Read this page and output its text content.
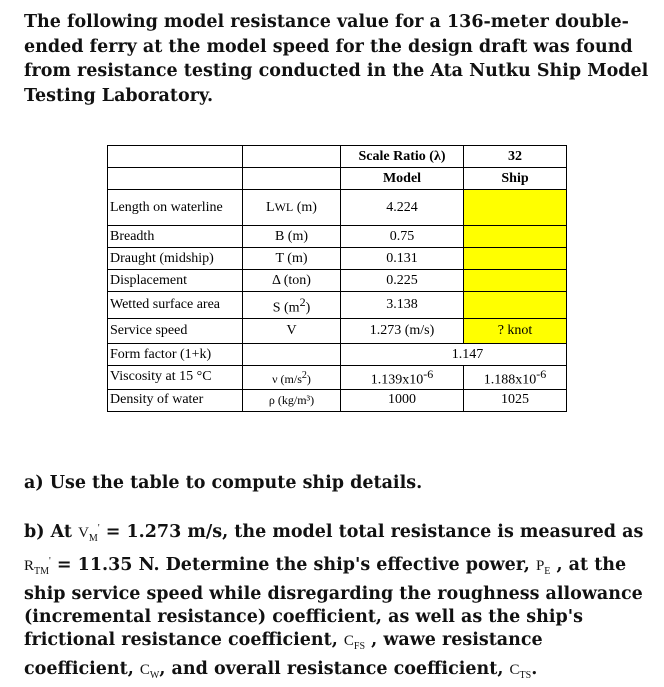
The following model resistance value for a 136-meter double-ended ferry at the model speed for the design draft was found from resistance testing conducted in the Ata Nutku Ship Model Testing Laboratory.

		Scale Ratio (λ)	32
		Model	Ship
Length on waterline	LWL (m)	4.224	
Breadth	B (m)	0.75	
Draught (midship)	T (m)	0.131	
Displacement	Δ (ton)	0.225	
Wetted surface area	S $(m^2)$	3.138	
Service speed	V	1.273 (m/s)	? knot
Form factor (1+k)		1.147	
Viscosity at 15 °C	ν $(m/s^2)$	$1.139x10^{-6}$	$1.188x10^{-6}$
Density of water	ρ (kg/m³)	1000	1025

a) Use the table to compute ship details.

b) At $V_M' = 1.273$ m/s, the model total resistance is measured as $R_{TM}' = 11.35$ N. Determine the ship's effective power, $P_E$ , at the ship service speed while disregarding the roughness allowance (incremental resistance) coefficient, as well as the ship's frictional resistance coefficient, $C_{FS}$ , wawe resistance coefficient, $C_W$, and overall resistance coefficient, $C_{TS}$.
